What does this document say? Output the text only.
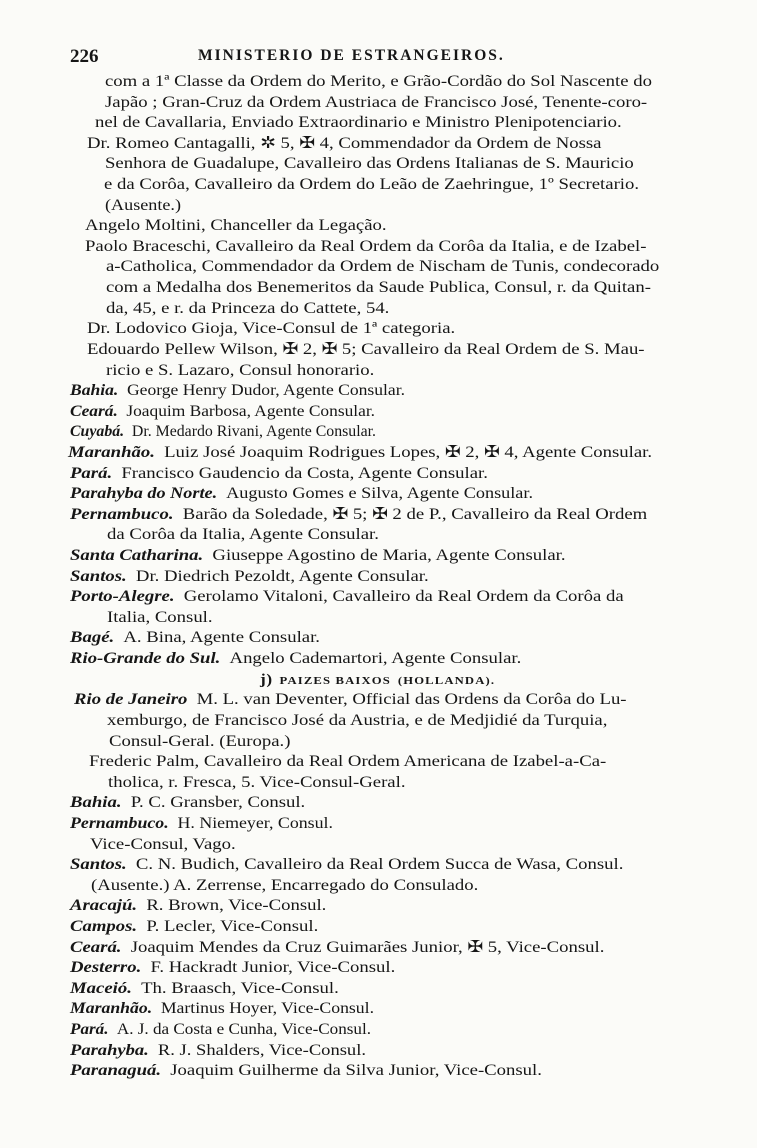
226	MINISTERIO DE ESTRANGEIROS.
com a 1ª Classe da Ordem do Merito, e Grão-Cordão do Sol Nascente do
Japão ; Gran-Cruz da Ordem Austriaca de Francisco José, Tenente-coro-
nel de Cavallaria, Enviado Extraordinario e Ministro Plenipotenciario.
Dr. Romeo Cantagalli, ✲ 5, ✠ 4, Commendador da Ordem de Nossa
Senhora de Guadalupe, Cavalleiro das Ordens Italianas de S. Mauricio
e da Corôa, Cavalleiro da Ordem do Leão de Zaehringue, 1º Secretario.
(Ausente.)
Angelo Moltini, Chanceller da Legação.
Paolo Braceschi, Cavalleiro da Real Ordem da Corôa da Italia, e de Izabel-
a-Catholica, Commendador da Ordem de Nischam de Tunis, condecorado
com a Medalha dos Benemeritos da Saude Publica, Consul, r. da Quitan-
da, 45, e r. da Princeza do Cattete, 54.
Dr. Lodovico Gioja, Vice-Consul de 1ª categoria.
Edouardo Pellew Wilson, ✠ 2, ✠ 5; Cavalleiro da Real Ordem de S. Mau-
ricio e S. Lazaro, Consul honorario.
Bahia. George Henry Dudor, Agente Consular.
Ceará. Joaquim Barbosa, Agente Consular.
Cuyabá. Dr. Medardo Rivani, Agente Consular.
Maranhão. Luiz José Joaquim Rodrigues Lopes, ✠ 2, ✠ 4, Agente Consular.
Pará. Francisco Gaudencio da Costa, Agente Consular.
Parahyba do Norte. Augusto Gomes e Silva, Agente Consular.
Pernambuco. Barão da Soledade, ✠ 5; ✠ 2 de P., Cavalleiro da Real Ordem
da Corôa da Italia, Agente Consular.
Santa Catharina. Giuseppe Agostino de Maria, Agente Consular.
Santos. Dr. Diedrich Pezoldt, Agente Consular.
Porto-Alegre. Gerolamo Vitaloni, Cavalleiro da Real Ordem da Corôa da
Italia, Consul.
Bagé. A. Bina, Agente Consular.
Rio-Grande do Sul. Angelo Cademartori, Agente Consular.
j) PAIZES BAIXOS (HOLLANDA).
Rio de Janeiro M. L. van Deventer, Official das Ordens da Corôa do Lu-
xemburgo, de Francisco José da Austria, e de Medjidié da Turquia,
Consul-Geral. (Europa.)
Frederic Palm, Cavalleiro da Real Ordem Americana de Izabel-a-Ca-
tholica, r. Fresca, 5. Vice-Consul-Geral.
Bahia. P. C. Gransber, Consul.
Pernambuco. H. Niemeyer, Consul.
Vice-Consul, Vago.
Santos. C. N. Budich, Cavalleiro da Real Ordem Succa de Wasa, Consul.
(Ausente.) A. Zerrense, Encarregado do Consulado.
Aracajú. R. Brown, Vice-Consul.
Campos. P. Lecler, Vice-Consul.
Ceará. Joaquim Mendes da Cruz Guimarães Junior, ✠ 5, Vice-Consul.
Desterro. F. Hackradt Junior, Vice-Consul.
Maceió. Th. Braasch, Vice-Consul.
Maranhão. Martinus Hoyer, Vice-Consul.
Pará. A. J. da Costa e Cunha, Vice-Consul.
Parahyba. R. J. Shalders, Vice-Consul.
Paranaguá. Joaquim Guilherme da Silva Junior, Vice-Consul.
